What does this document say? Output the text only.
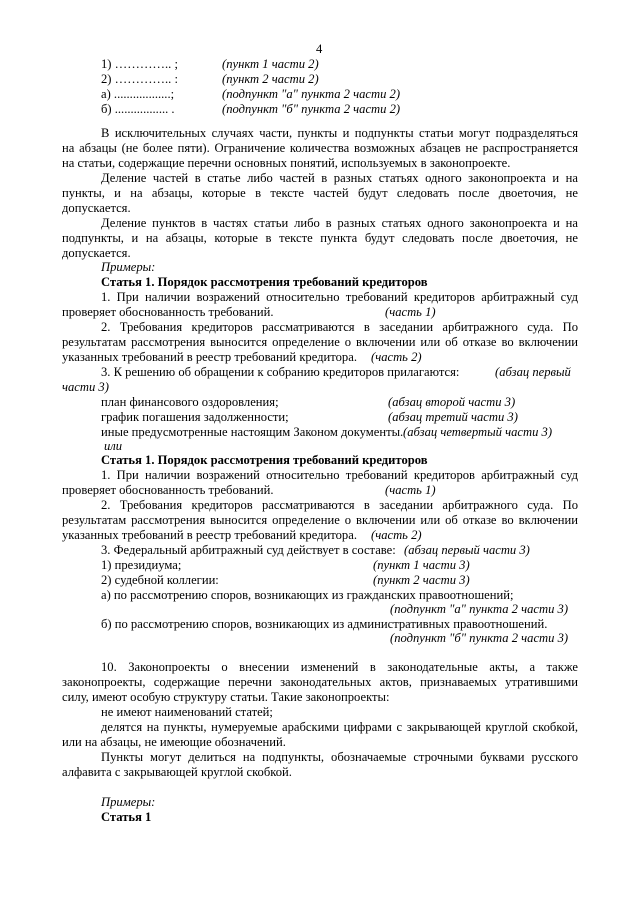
4
1) ………….. ;	(пункт 1 части 2)
2) ………….. :	(пункт 2 части 2)
а) ..................;	(подпункт "а" пункта 2 части 2)
б) ................. .	(подпункт "б" пункта 2 части 2)
В исключительных случаях части, пункты и подпункты статьи могут подразделяться
на абзацы (не более пяти). Ограничение количества возможных абзацев не распространяется
на статьи, содержащие перечни основных понятий, используемых в законопроекте.
Деление частей в статье либо частей в разных статьях одного законопроекта и на
пункты, и на абзацы, которые в тексте частей будут следовать после двоеточия, не
допускается.
Деление пунктов в частях статьи либо в разных статьях одного законопроекта и на
подпункты, и на абзацы, которые в тексте пункта будут следовать после двоеточия, не
допускается.
Примеры:
Статья 1. Порядок рассмотрения требований кредиторов
1. При наличии возражений относительно требований кредиторов арбитражный суд
проверяет обоснованность требований.	(часть 1)
2. Требования кредиторов рассматриваются в заседании арбитражного суда. По
результатам рассмотрения выносится определение о включении или об отказе во включении
указанных требований в реестр требований кредитора. (часть 2)
3. К решению об обращении к собранию кредиторов прилагаются:	(абзац первый
части 3)
план финансового оздоровления;	(абзац второй части 3)
график погашения задолженности;	(абзац третий части 3)
иные предусмотренные настоящим Законом документы. (абзац четвертый части 3)
или
Статья 1. Порядок рассмотрения требований кредиторов
1. При наличии возражений относительно требований кредиторов арбитражный суд
проверяет обоснованность требований.	(часть 1)
2. Требования кредиторов рассматриваются в заседании арбитражного суда. По
результатам рассмотрения выносится определение о включении или об отказе во включении
указанных требований в реестр требований кредитора. (часть 2)
3. Федеральный арбитражный суд действует в составе: (абзац первый части 3)
1) президиума;	(пункт 1 части 3)
2) судебной коллегии:	(пункт 2 части 3)
а) по рассмотрению споров, возникающих из гражданских правоотношений;
(подпункт "а" пункта 2 части 3)
б) по рассмотрению споров, возникающих из административных правоотношений.
(подпункт "б" пункта 2 части 3)
10. Законопроекты о внесении изменений в законодательные акты, а также
законопроекты, содержащие перечни законодательных актов, признаваемых утратившими
силу, имеют особую структуру статьи. Такие законопроекты:
не имеют наименований статей;
делятся на пункты, нумеруемые арабскими цифрами с закрывающей круглой скобкой,
или на абзацы, не имеющие обозначений.
Пункты могут делиться на подпункты, обозначаемые строчными буквами русского
алфавита с закрывающей круглой скобкой.
Примеры:
Статья 1
